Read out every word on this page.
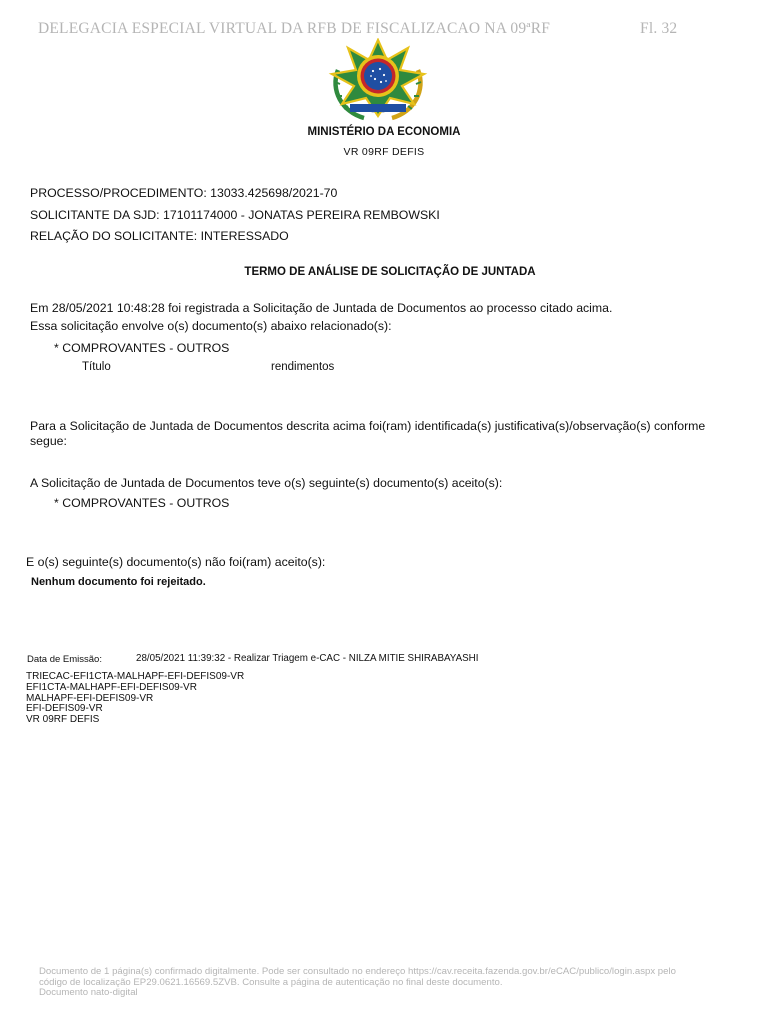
DELEGACIA ESPECIAL VIRTUAL DA RFB DE FISCALIZACAO NA 09ªRF	Fl. 32
MINISTÉRIO DA ECONOMIA
VR 09RF DEFIS
PROCESSO/PROCEDIMENTO: 13033.425698/2021-70
SOLICITANTE DA SJD: 17101174000 - JONATAS PEREIRA REMBOWSKI
RELAÇÃO DO SOLICITANTE: INTERESSADO
TERMO DE ANÁLISE DE SOLICITAÇÃO DE JUNTADA
Em 28/05/2021 10:48:28 foi registrada a Solicitação de Juntada de Documentos ao processo citado acima.
Essa solicitação envolve o(s) documento(s) abaixo relacionado(s):
* COMPROVANTES - OUTROS
Título	rendimentos
Para a Solicitação de Juntada de Documentos descrita acima foi(ram) identificada(s) justificativa(s)/observação(s) conforme segue:
A Solicitação de Juntada de Documentos teve o(s) seguinte(s) documento(s) aceito(s):
* COMPROVANTES - OUTROS
E o(s) seguinte(s) documento(s) não foi(ram) aceito(s):
Nenhum documento foi rejeitado.
Data de Emissão:	28/05/2021 11:39:32 - Realizar Triagem e-CAC - NILZA MITIE SHIRABAYASHI
TRIECAC-EFI1CTA-MALHAPF-EFI-DEFIS09-VR
EFI1CTA-MALHAPF-EFI-DEFIS09-VR
MALHAPF-EFI-DEFIS09-VR
EFI-DEFIS09-VR
VR 09RF DEFIS
Documento de 1 página(s) confirmado digitalmente. Pode ser consultado no endereço https://cav.receita.fazenda.gov.br/eCAC/publico/login.aspx pelo
código de localização EP29.0621.16569.5ZVB. Consulte a página de autenticação no final deste documento.
Documento nato-digital
